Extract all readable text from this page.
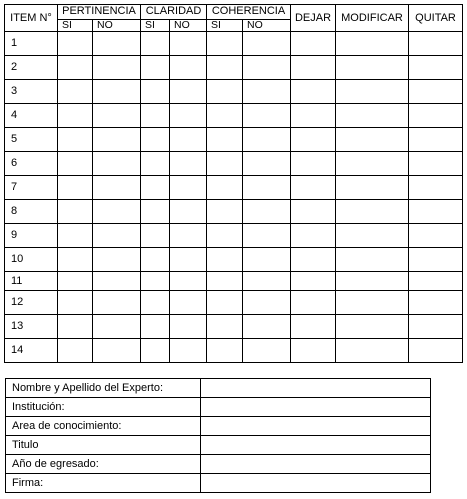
ITEM N°	PERTINENCIA		CLARIDAD		COHERENCIA		DEJAR	MODIFICAR	QUITAR
	SI	NO	SI	NO	SI	NO			
1									
2									
3									
4									
5									
6									
7									
8									
9									
10									
11									
12									
13									
14									
Nombre y Apellido del Experto:	
Institución:	
Area de conocimiento:	
Titulo	
Año de egresado:	
Firma:	
